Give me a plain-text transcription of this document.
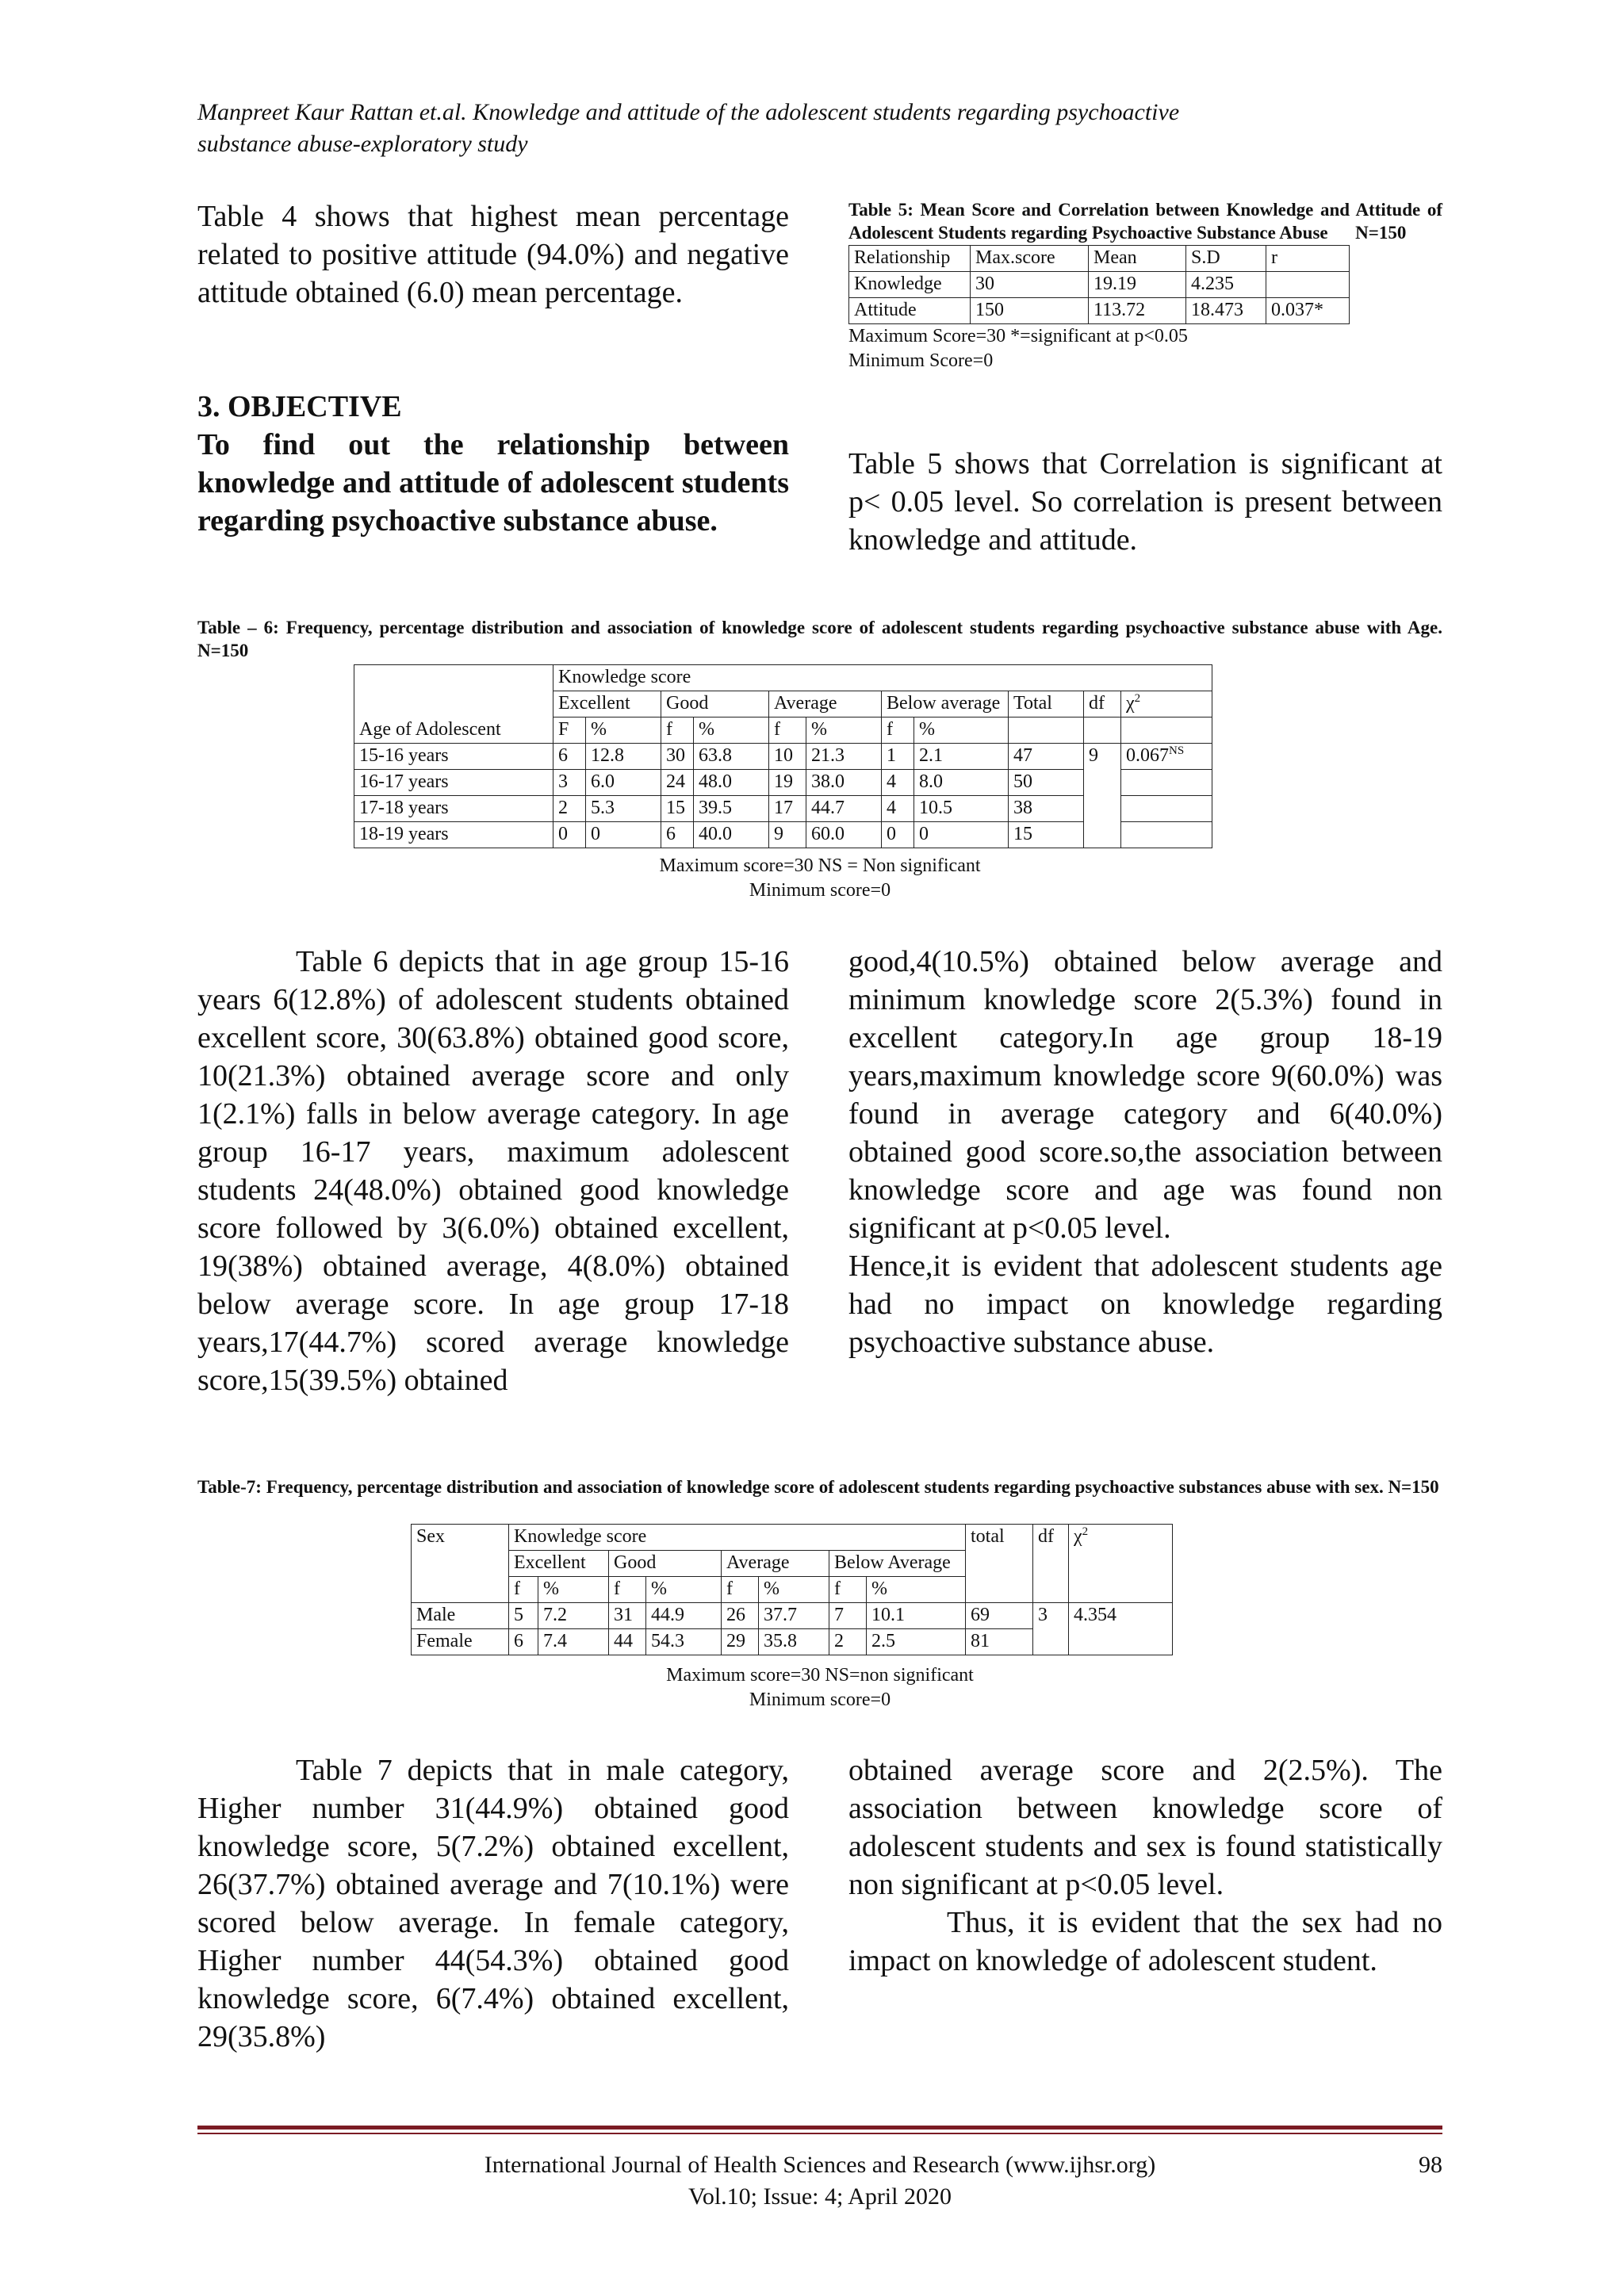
Manpreet Kaur Rattan et.al. Knowledge and attitude of the adolescent students regarding psychoactive
substance abuse-exploratory study

Table 4 shows that highest mean percentage related to positive attitude (94.0%) and negative attitude obtained (6.0) mean percentage.

3. OBJECTIVE
To find out the relationship between knowledge and attitude of adolescent students regarding psychoactive substance abuse.
Table 5: Mean Score and Correlation between Knowledge and Attitude of Adolescent Students regarding Psychoactive Substance Abuse N=150
Relationship	Max.score	Mean	S.D	r
Knowledge	30	19.19	4.235	
Attitude	150	113.72	18.473	0.037*
Maximum Score=30 *=significant at p<0.05
Minimum Score=0

Table 5 shows that Correlation is significant at p< 0.05 level. So correlation is present between knowledge and attitude.

Table – 6: Frequency, percentage distribution and association of knowledge score of adolescent students regarding psychoactive substance abuse with Age. N=150
	Knowledge score										
	Excellent		Good		Average		Below average		Total	df	$\chi^2$
Age of Adolescent	F	%	f	%	f	%	f	%			
15-16 years	6	12.8	30	63.8	10	21.3	1	2.1	47	9	$0.067^{NS}$
16-17 years	3	6.0	24	48.0	19	38.0	4	8.0	50		
17-18 years	2	5.3	15	39.5	17	44.7	4	10.5	38		
18-19 years	0	0	6	40.0	9	60.0	0	0	15		
Maximum score=30 NS = Non significant
Minimum score=0

Table 6 depicts that in age group 15-16 years 6(12.8%) of adolescent students obtained excellent score, 30(63.8%) obtained good score, 10(21.3%) obtained average score and only 1(2.1%) falls in below average category. In age group 16-17 years, maximum adolescent students 24(48.0%) obtained good knowledge score followed by 3(6.0%) obtained excellent, 19(38%) obtained average, 4(8.0%) obtained below average score. In age group 17-18 years,17(44.7%) scored average knowledge score,15(39.5%) obtained

good,4(10.5%) obtained below average and minimum knowledge score 2(5.3%) found in excellent category.In age group 18-19 years,maximum knowledge score 9(60.0%) was found in average category and 6(40.0%) obtained good score.so,the association between knowledge score and age was found non significant at p<0.05 level.

Hence,it is evident that adolescent students age had no impact on knowledge regarding psychoactive substance abuse.

Table-7: Frequency, percentage distribution and association of knowledge score of adolescent students regarding psychoactive substances abuse with sex. N=150
Sex	Knowledge score								total	df	$\chi^2$
	Excellent		Good		Average		Below Average				
	f	%	f	%	f	%	f	%			
Male	5	7.2	31	44.9	26	37.7	7	10.1	69	3	4.354
Female	6	7.4	44	54.3	29	35.8	2	2.5	81		
Maximum score=30 NS=non significant
Minimum score=0

Table 7 depicts that in male category, Higher number 31(44.9%) obtained good knowledge score, 5(7.2%) obtained excellent, 26(37.7%) obtained average and 7(10.1%) were scored below average. In female category, Higher number 44(54.3%) obtained good knowledge score, 6(7.4%) obtained excellent, 29(35.8%)

obtained average score and 2(2.5%). The association between knowledge score of adolescent students and sex is found statistically non significant at p<0.05 level.

Thus, it is evident that the sex had no impact on knowledge of adolescent student.

International Journal of Health Sciences and Research (www.ijhsr.org)
Vol.10; Issue: 4; April 2020
98
